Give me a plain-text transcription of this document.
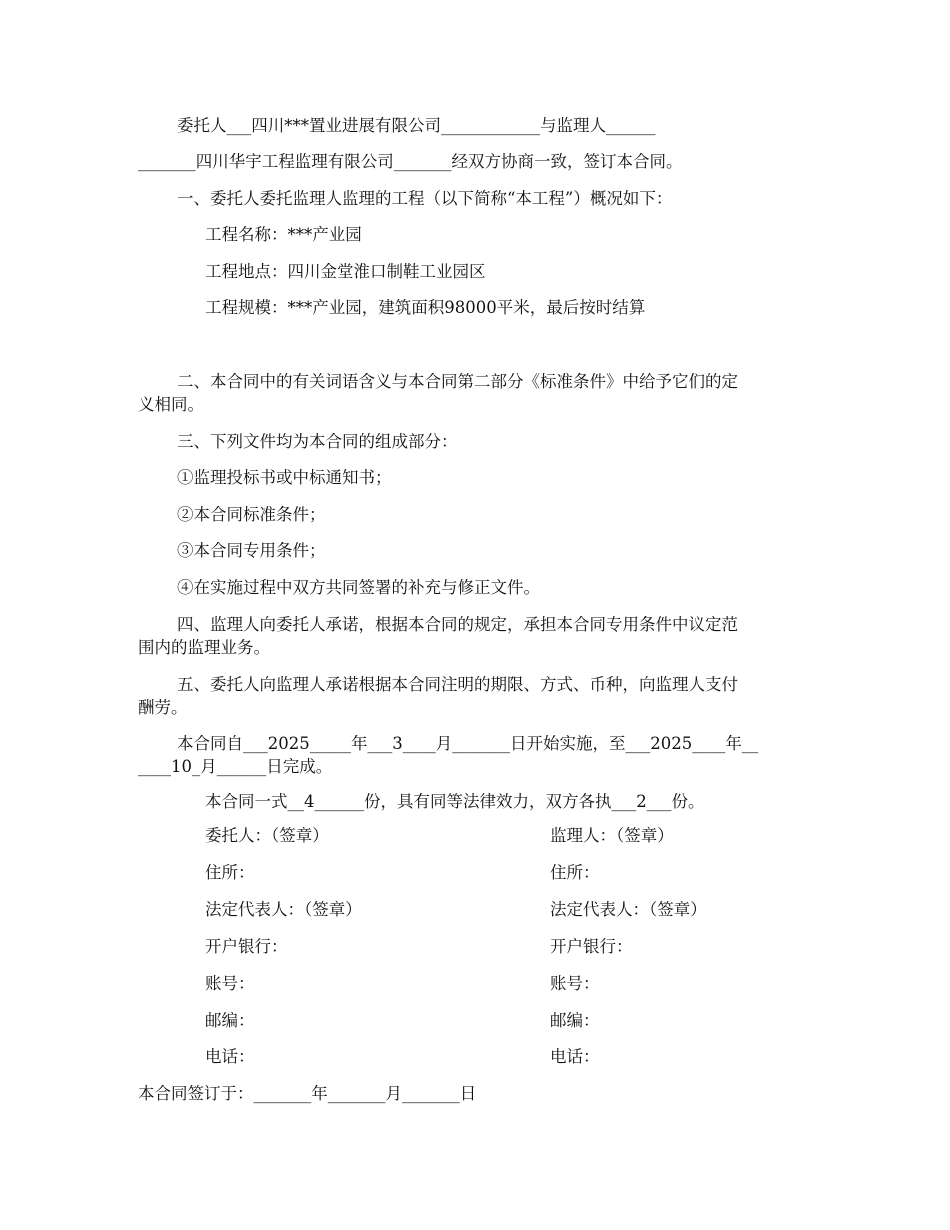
委托人___四川***置业进展有限公司____________与监理人______
_______四川华宇工程监理有限公司_______经双方协商一致，签订本合同。
一、委托人委托监理人监理的工程（以下简称“本工程”）概况如下：
工程名称：***产业园
工程地点：四川金堂淮口制鞋工业园区
工程规模：***产业园，建筑面积98000平米，最后按时结算
二、本合同中的有关词语含义与本合同第二部分《标准条件》中给予它们的定
义相同。
三、下列文件均为本合同的组成部分：
①监理投标书或中标通知书；
②本合同标准条件；
③本合同专用条件；
④在实施过程中双方共同签署的补充与修正文件。
四、监理人向委托人承诺，根据本合同的规定，承担本合同专用条件中议定范
围内的监理业务。
五、委托人向监理人承诺根据本合同注明的期限、方式、币种，向监理人支付
酬劳。
本合同自___2025_____年___3____月_______日开始实施，至___2025____年__
____10_月______日完成。
本合同一式__4______份，具有同等法律效力，双方各执___2___份。
委托人：（签章）
住所：
法定代表人：（签章）
开户银行：
账号：
邮编：
电话：
监理人：（签章）
住所：
法定代表人：（签章）
开户银行：
账号：
邮编：
电话：
本合同签订于：_______年_______月_______日
